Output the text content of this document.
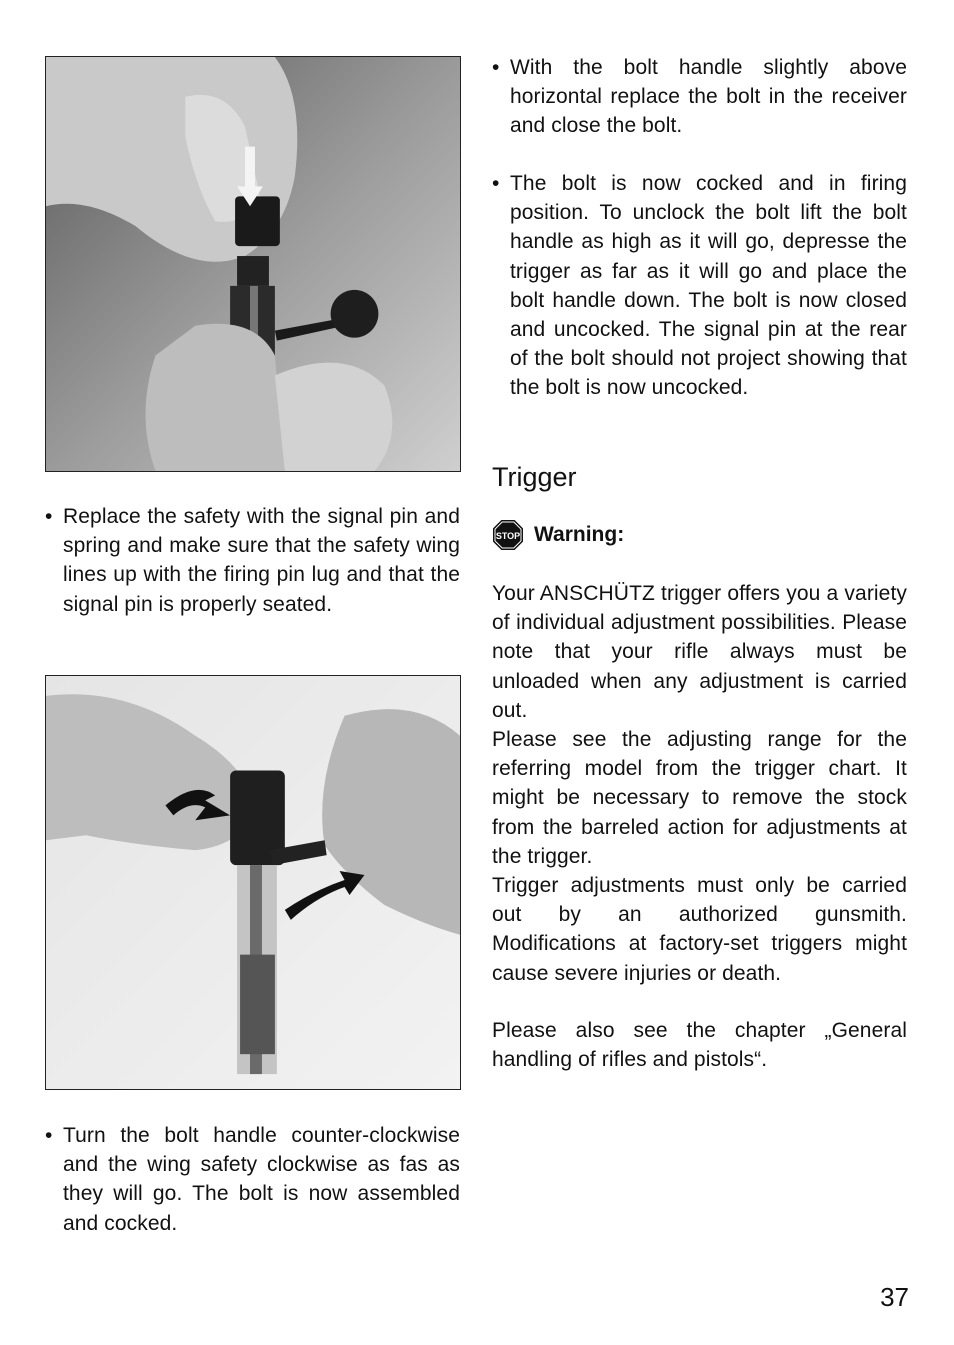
• Replace the safety with the signal pin and spring and make sure that the safety wing lines up with the firing pin lug and that the signal pin is properly seated.
• Turn the bolt handle counter-clockwise and the wing safety clockwise as fas as they will go. The bolt is now assembled and cocked.
• With the bolt handle slightly above horizontal replace the bolt in the receiver and close the bolt.
• The bolt is now cocked and in firing position. To unclock the bolt lift the bolt handle as high as it will go, depresse the trigger as far as it will go and place the bolt handle down. The bolt is now closed and uncocked. The signal pin at the rear of the bolt should not project showing that the bolt is now uncocked.
Trigger
STOP Warning:

Your ANSCHÜTZ trigger offers you a variety of individual adjustment possibilities. Please note that your rifle always must be unloaded when any adjustment is carried out.

Please see the adjusting range for the referring model from the trigger chart. It might be necessary to remove the stock from the barreled action for adjustments at the trigger.

Trigger adjustments must only be carried out by an authorized gunsmith. Modifications at factory-set triggers might cause severe injuries or death.

Please also see the chapter „General handling of rifles and pistols“.

37
